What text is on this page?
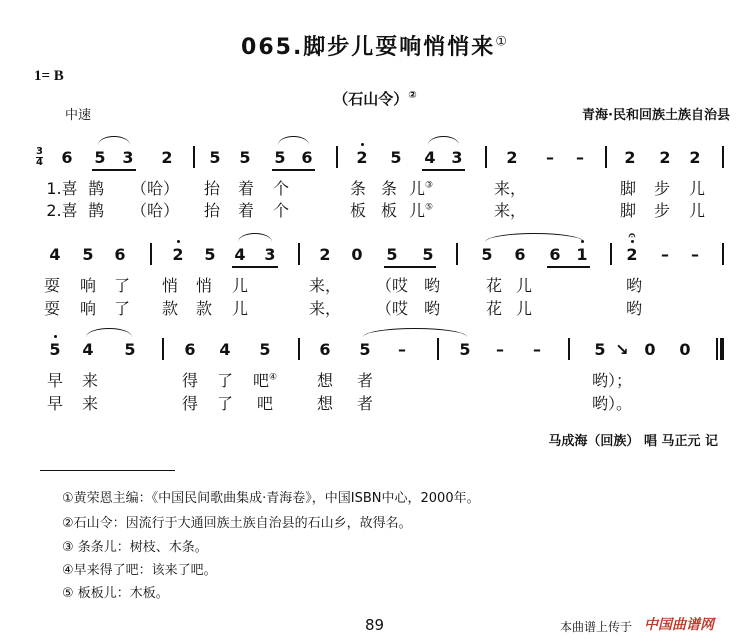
065.脚步儿耍响悄悄来①
1= B
（石山令）②
中速	青海·民和回族土族自治县
3
4 6 5 3 2 5 5 5 6	2 5 4 3	2 – –	2 2 2
1.喜 鹊 （哈） 抬 着 个	条 条 儿③	来，	脚 步 儿
2.喜 鹊 （哈） 抬 着 个	板 板 儿⑤	来，	脚 步 儿
4 5 6	2 5 4 3	2 0 5 5	5 6 6 1 2 – –
耍 响 了 悄 悄 儿	来， （哎 哟	花 儿	哟
耍 响 了 款 款 儿	来， （哎 哟	花 儿	哟
5 4 5	6 4 5	6 5 –	5 – –	5 ↘ 0 0
早 来	得 了 吧④ 想 者	哟）；
早 来	得 了 吧	想 者	哟）。
𝄐
马成海（回族） 唱 马正元 记
①黄荣恩主编：《中国民间歌曲集成·青海卷》，中国ISBN中心，2000年。
②石山令：因流行于大通回族土族自治县的石山乡，故得名。
③ 条条儿：树枝、木条。
④早来得了吧：该来了吧。
⑤ 板板儿：木板。
89	本曲谱上传于 中国曲谱网
